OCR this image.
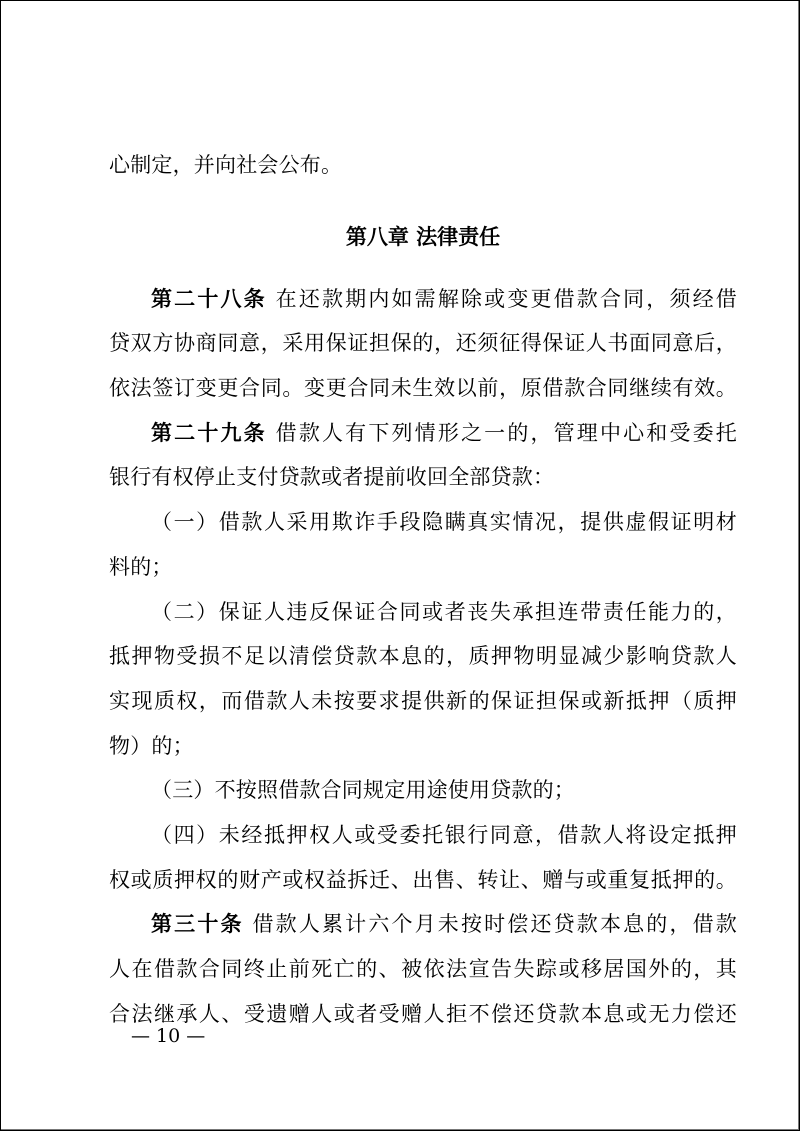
心制定，并向社会公布。
第八章 法律责任
第二十八条 在还款期内如需解除或变更借款合同，须经借
贷双方协商同意，采用保证担保的，还须征得保证人书面同意后，
依法签订变更合同。变更合同未生效以前，原借款合同继续有效。
第二十九条 借款人有下列情形之一的，管理中心和受委托
银行有权停止支付贷款或者提前收回全部贷款：
（一）借款人采用欺诈手段隐瞒真实情况，提供虚假证明材
料的；
（二）保证人违反保证合同或者丧失承担连带责任能力的，
抵押物受损不足以清偿贷款本息的，质押物明显减少影响贷款人
实现质权，而借款人未按要求提供新的保证担保或新抵押（质押
物）的；
（三）不按照借款合同规定用途使用贷款的；
（四）未经抵押权人或受委托银行同意，借款人将设定抵押
权或质押权的财产或权益拆迁、出售、转让、赠与或重复抵押的。
第三十条 借款人累计六个月未按时偿还贷款本息的，借款
人在借款合同终止前死亡的、被依法宣告失踪或移居国外的，其
合法继承人、受遗赠人或者受赠人拒不偿还贷款本息或无力偿还
— 10 —
